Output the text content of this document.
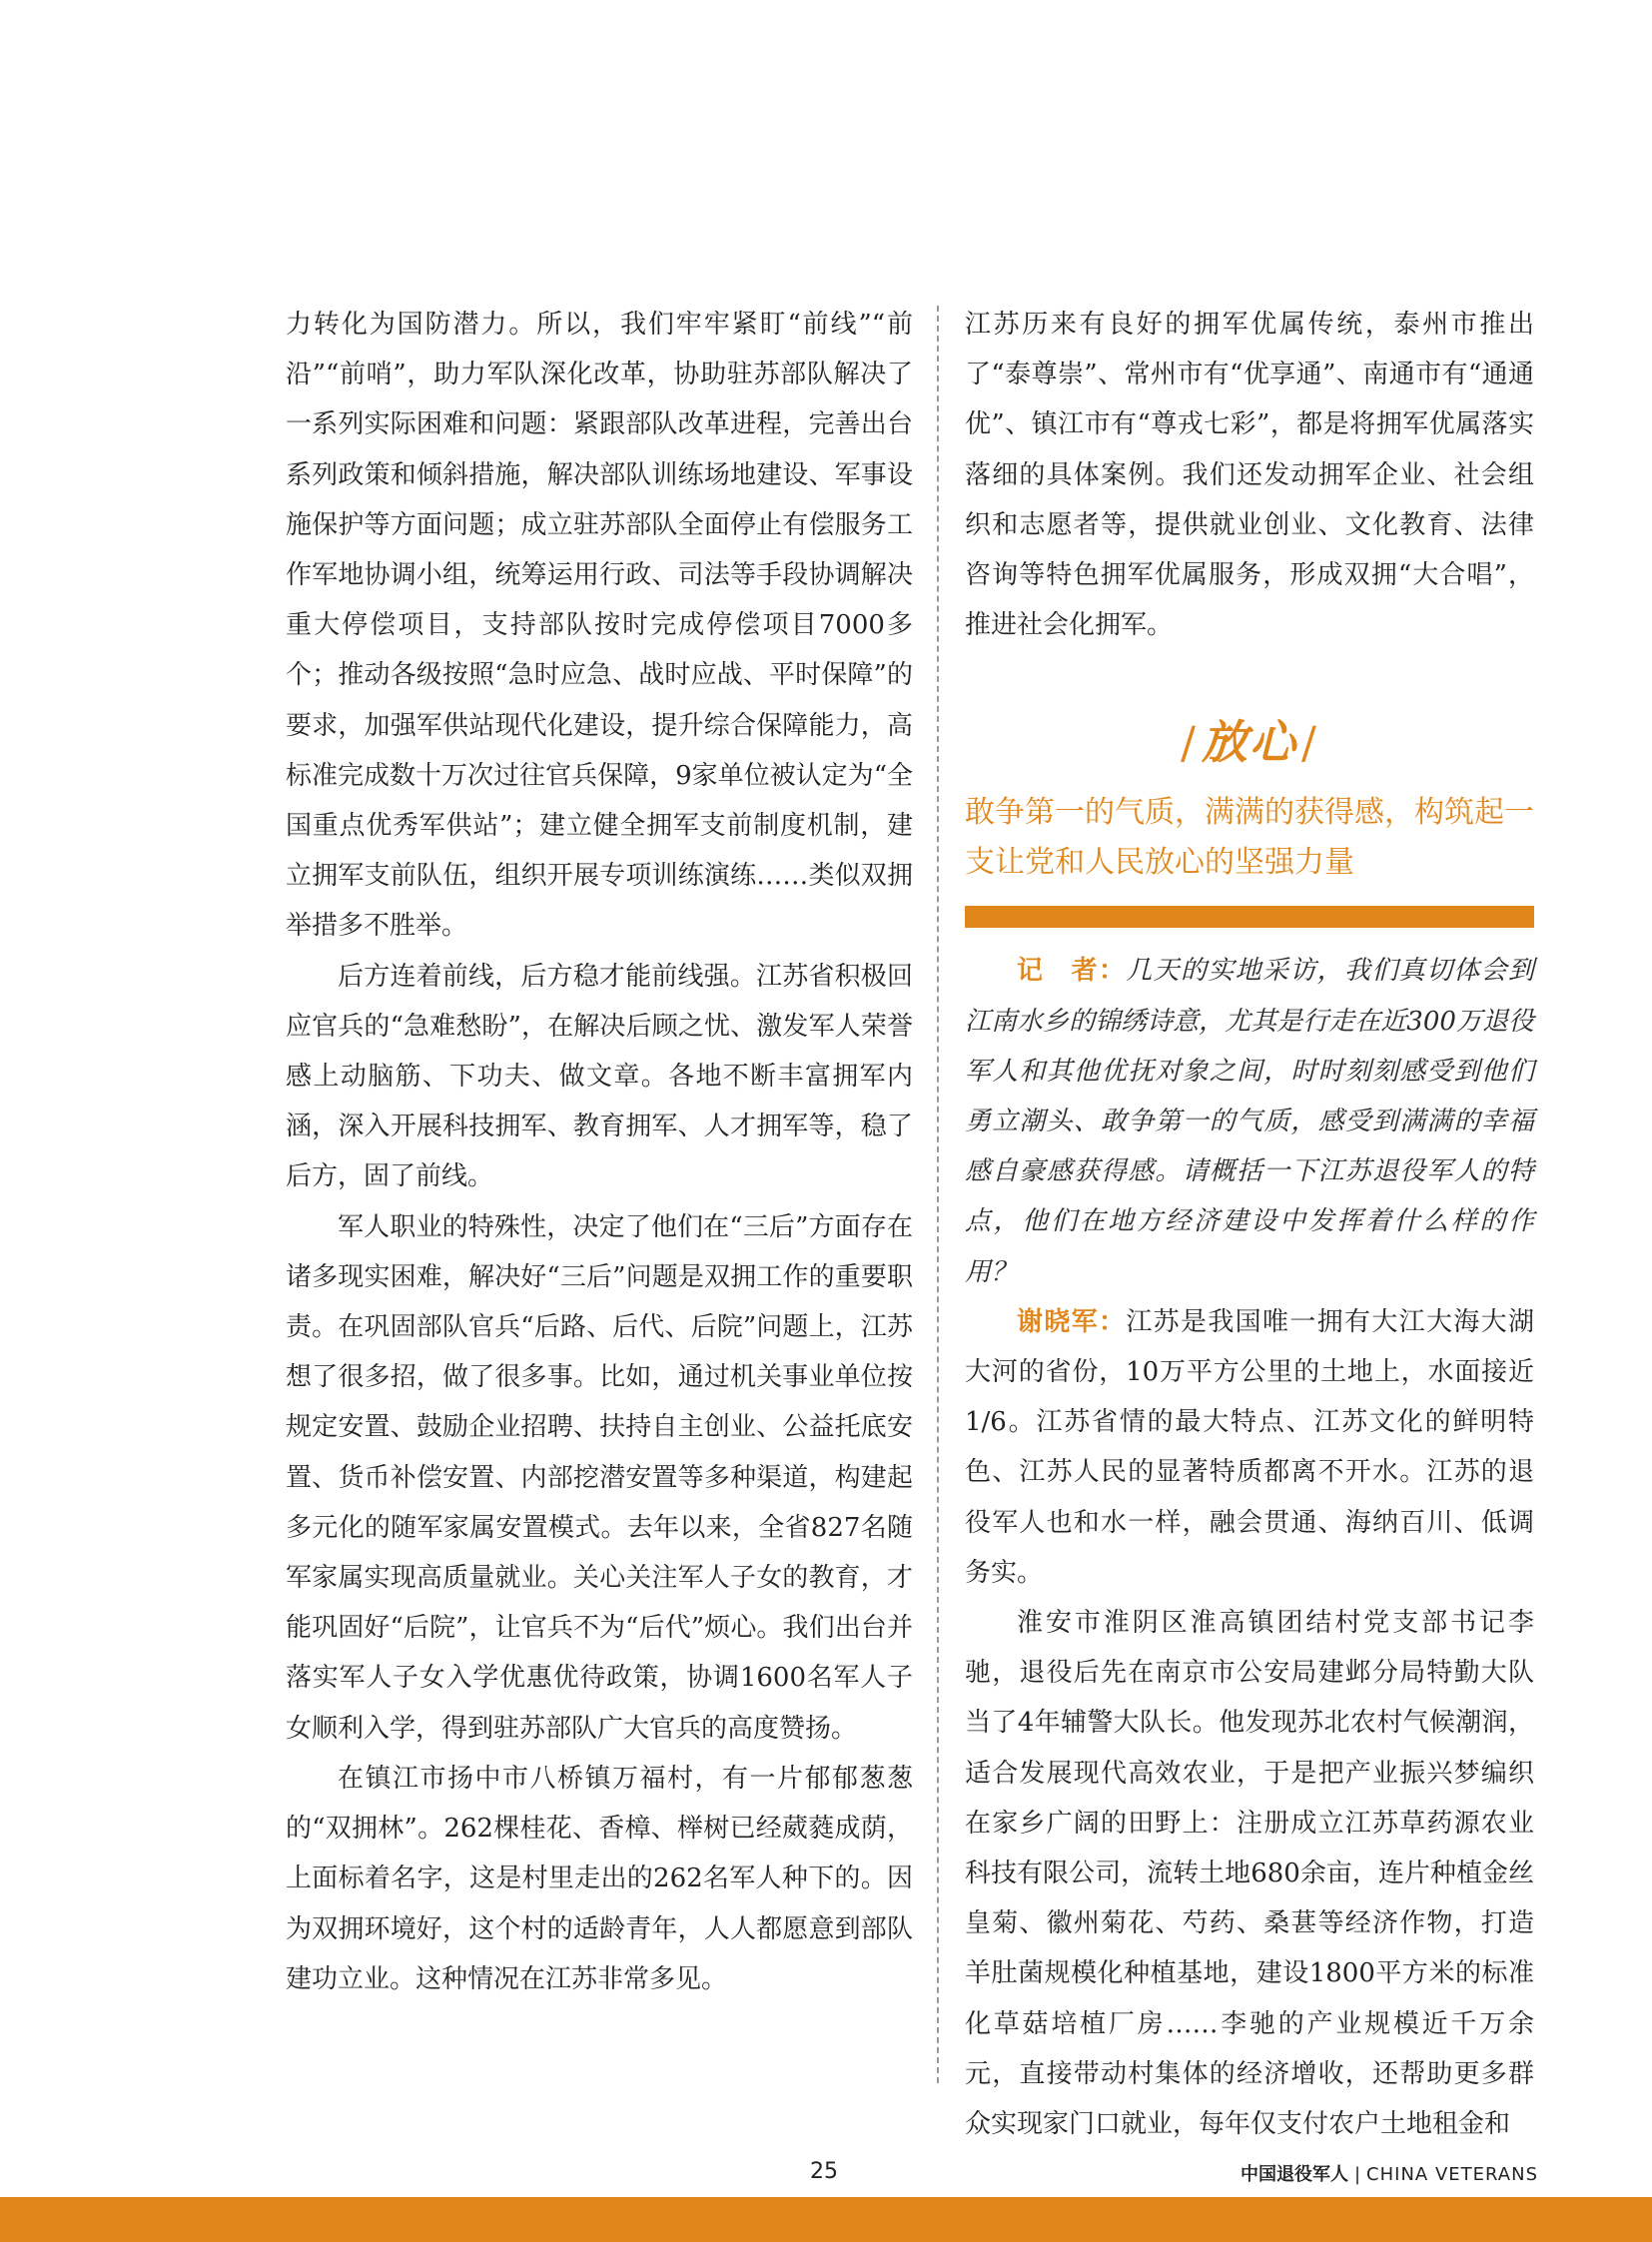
力转化为国防潜力。所以，我们牢牢紧盯“前线”“前沿”“前哨”，助力军队深化改革，协助驻苏部队解决了一系列实际困难和问题：紧跟部队改革进程，完善出台系列政策和倾斜措施，解决部队训练场地建设、军事设施保护等方面问题；成立驻苏部队全面停止有偿服务工作军地协调小组，统筹运用行政、司法等手段协调解决重大停偿项目，支持部队按时完成停偿项目7000多个；推动各级按照“急时应急、战时应战、平时保障”的要求，加强军供站现代化建设，提升综合保障能力，高标准完成数十万次过往官兵保障，9家单位被认定为“全国重点优秀军供站”；建立健全拥军支前制度机制，建立拥军支前队伍，组织开展专项训练演练……类似双拥举措多不胜举。

后方连着前线，后方稳才能前线强。江苏省积极回应官兵的“急难愁盼”，在解决后顾之忧、激发军人荣誉感上动脑筋、下功夫、做文章。各地不断丰富拥军内涵，深入开展科技拥军、教育拥军、人才拥军等，稳了后方，固了前线。

军人职业的特殊性，决定了他们在“三后”方面存在诸多现实困难，解决好“三后”问题是双拥工作的重要职责。在巩固部队官兵“后路、后代、后院”问题上，江苏想了很多招，做了很多事。比如，通过机关事业单位按规定安置、鼓励企业招聘、扶持自主创业、公益托底安置、货币补偿安置、内部挖潜安置等多种渠道，构建起多元化的随军家属安置模式。去年以来，全省827名随军家属实现高质量就业。关心关注军人子女的教育，才能巩固好“后院”，让官兵不为“后代”烦心。我们出台并落实军人子女入学优惠优待政策，协调1600名军人子女顺利入学，得到驻苏部队广大官兵的高度赞扬。

在镇江市扬中市八桥镇万福村，有一片郁郁葱葱的“双拥林”。262棵桂花、香樟、榉树已经葳蕤成荫，上面标着名字，这是村里走出的262名军人种下的。因为双拥环境好，这个村的适龄青年，人人都愿意到部队建功立业。这种情况在江苏非常多见。

江苏历来有良好的拥军优属传统，泰州市推出了“泰尊崇”、常州市有“优享通”、南通市有“通通优”、镇江市有“尊戎七彩”，都是将拥军优属落实落细的具体案例。我们还发动拥军企业、社会组织和志愿者等，提供就业创业、文化教育、法律咨询等特色拥军优属服务，形成双拥“大合唱”，推进社会化拥军。

/放心/
敢争第一的气质，满满的获得感，构筑起一支让党和人民放心的坚强力量

记　者：几天的实地采访，我们真切体会到江南水乡的锦绣诗意，尤其是行走在近300万退役军人和其他优抚对象之间，时时刻刻感受到他们勇立潮头、敢争第一的气质，感受到满满的幸福感自豪感获得感。请概括一下江苏退役军人的特点，他们在地方经济建设中发挥着什么样的作用？

谢晓军：江苏是我国唯一拥有大江大海大湖大河的省份，10万平方公里的土地上，水面接近1/6。江苏省情的最大特点、江苏文化的鲜明特色、江苏人民的显著特质都离不开水。江苏的退役军人也和水一样，融会贯通、海纳百川、低调务实。

淮安市淮阴区淮高镇团结村党支部书记李驰，退役后先在南京市公安局建邺分局特勤大队当了4年辅警大队长。他发现苏北农村气候潮润，适合发展现代高效农业，于是把产业振兴梦编织在家乡广阔的田野上：注册成立江苏草药源农业科技有限公司，流转土地680余亩，连片种植金丝皇菊、徽州菊花、芍药、桑葚等经济作物，打造羊肚菌规模化种植基地，建设1800平方米的标准化草菇培植厂房……李驰的产业规模近千万余元，直接带动村集体的经济增收，还帮助更多群众实现家门口就业，每年仅支付农户土地租金和

25	中国退役军人 | CHINA VETERANS
